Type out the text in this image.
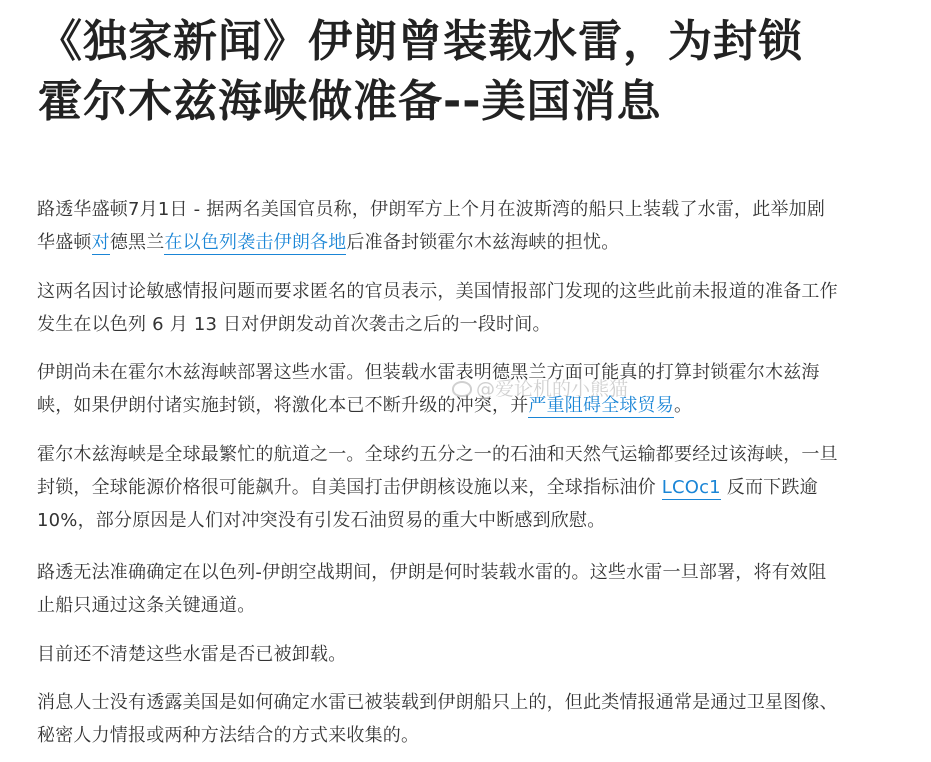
《独家新闻》伊朗曾装载水雷，为封锁
霍尔木兹海峡做准备--美国消息

路透华盛顿7月1日 - 据两名美国官员称，伊朗军方上个月在波斯湾的船只上装载了水雷，此举加剧
华盛顿对德黑兰在以色列袭击伊朗各地后准备封锁霍尔木兹海峡的担忧。

这两名因讨论敏感情报问题而要求匿名的官员表示，美国情报部门发现的这些此前未报道的准备工作
发生在以色列 6 月 13 日对伊朗发动首次袭击之后的一段时间。

伊朗尚未在霍尔木兹海峡部署这些水雷。但装载水雷表明德黑兰方面可能真的打算封锁霍尔木兹海
峡，如果伊朗付诸实施封锁，将激化本已不断升级的冲突，并严重阻碍全球贸易。

霍尔木兹海峡是全球最繁忙的航道之一。全球约五分之一的石油和天然气运输都要经过该海峡，一旦
封锁，全球能源价格很可能飙升。自美国打击伊朗核设施以来，全球指标油价 LCOc1 反而下跌逾
10%，部分原因是人们对冲突没有引发石油贸易的重大中断感到欣慰。

路透无法准确确定在以色列-伊朗空战期间，伊朗是何时装载水雷的。这些水雷一旦部署，将有效阻
止船只通过这条关键通道。

目前还不清楚这些水雷是否已被卸载。

消息人士没有透露美国是如何确定水雷已被装载到伊朗船只上的，但此类情报通常是通过卫星图像、
秘密人力情报或两种方法结合的方式来收集的。

@爱论机的小熊猫
